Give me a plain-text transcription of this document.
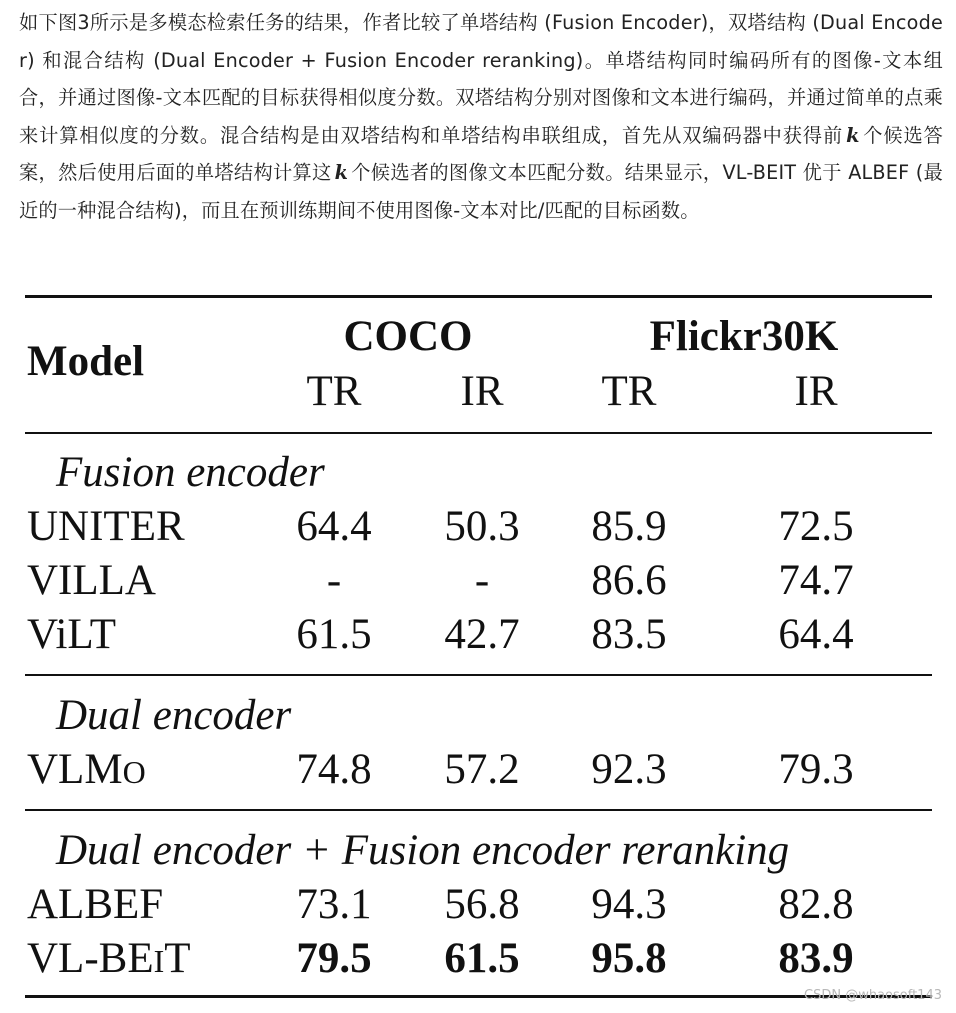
如下图3所示是多模态检索任务的结果，作者比较了单塔结构 (Fusion Encoder)，双塔结构 (Dual Encoder) 和混合结构 (Dual Encoder + Fusion Encoder reranking)。单塔结构同时编码所有的图像-文本组合，并通过图像-文本匹配的目标获得相似度分数。双塔结构分别对图像和文本进行编码，并通过简单的点乘来计算相似度的分数。混合结构是由双塔结构和单塔结构串联组成，首先从双编码器中获得前 k 个候选答案，然后使用后面的单塔结构计算这 k 个候选者的图像文本匹配分数。结果显示，VL-BEIT 优于 ALBEF (最近的一种混合结构)，而且在预训练期间不使用图像-文本对比/匹配的目标函数。
Model
COCO	Flickr30K
TR IR TR	IR
Fusion encoder
UNITER	64.4 50.3 85.9	72.5
VILLA	-	- 86.6	74.7
ViLT	61.5 42.7 83.5	64.4
Dual encoder
VLMO	74.8 57.2 92.3	79.3
Dual encoder + Fusion encoder reranking
ALBEF	73.1 56.8 94.3	82.8
VL-BEIT 79.5 61.5 95.8	83.9
CSDN @whaosoft143
